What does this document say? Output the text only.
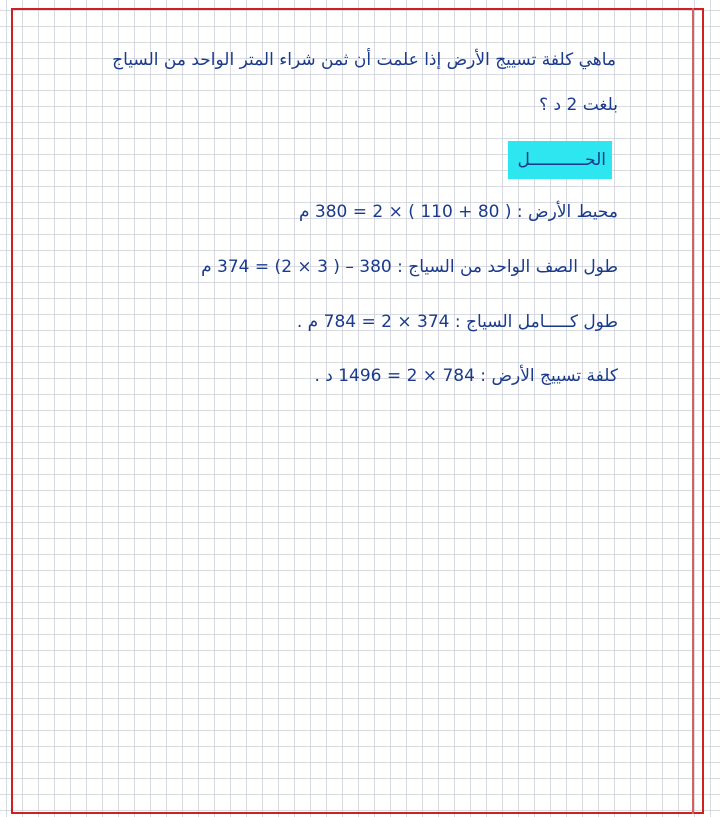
ماهي كلفة تسييج الأرض إذا علمت أن ثمن شراء المتر الواحد من السياج
بلغت 2 د ؟
الحـــــــــــل
محيط الأرض : ( 80 + 110 ) × 2 = 380 م
طول الصف الواحد من السياج : 380 – ( 3 × 2) = 374 م
طول كـــــامل السياج : 374 × 2 = 784 م .
كلفة تسييج الأرض : 784 × 2 = 1496 د .
